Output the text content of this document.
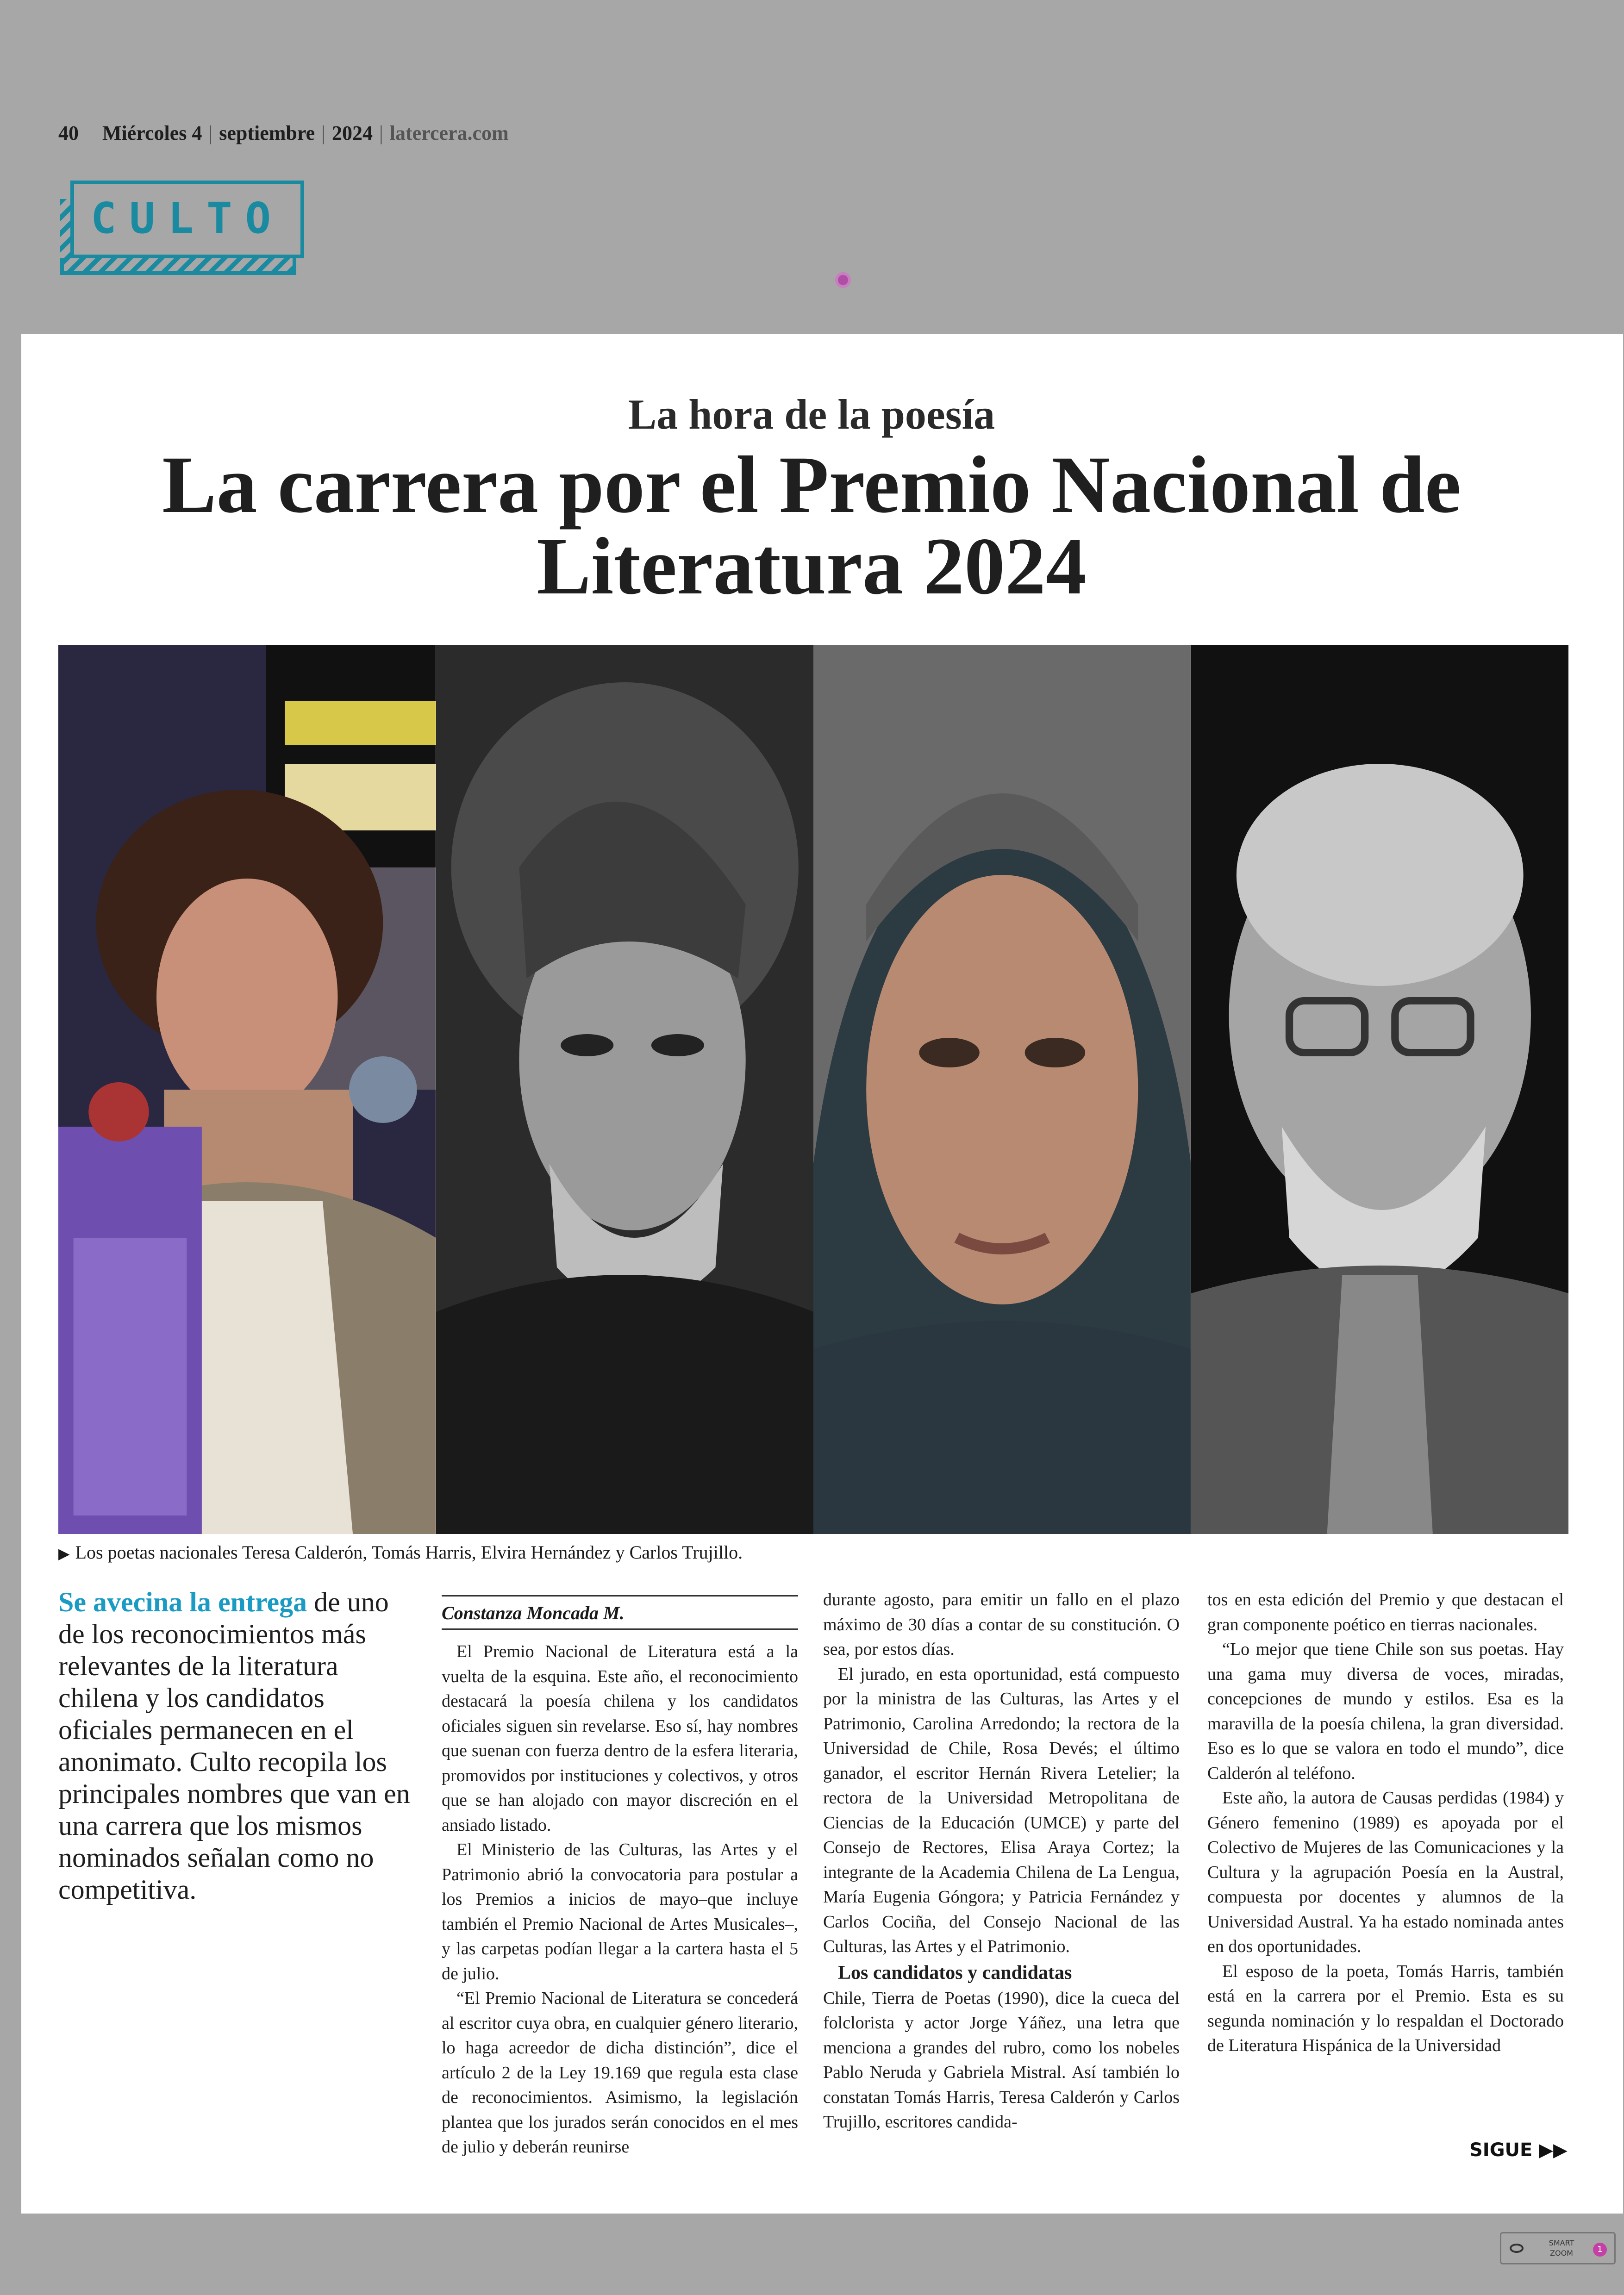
40 Miércoles 4 | septiembre | 2024 | latercera.com
CULTO
La hora de la poesía
La carrera por el Premio Nacional de Literatura 2024
▶ Los poetas nacionales Teresa Calderón, Tomás Harris, Elvira Hernández y Carlos Trujillo.
Se avecina la entrega de uno de los reconocimientos más relevantes de la literatura chilena y los candidatos oficiales permanecen en el anonimato. Culto recopila los principales nombres que van en una carrera que los mismos nominados señalan como no competitiva.
Constanza Moncada M.

El Premio Nacional de Literatura está a la vuelta de la esquina. Este año, el reconocimiento destacará la poesía chilena y los candidatos oficiales siguen sin revelarse. Eso sí, hay nombres que suenan con fuerza dentro de la esfera literaria, promovidos por instituciones y colectivos, y otros que se han alojado con mayor discreción en el ansiado listado.

El Ministerio de las Culturas, las Artes y el Patrimonio abrió la convocatoria para postular a los Premios a inicios de mayo–que incluye también el Premio Nacional de Artes Musicales–, y las carpetas podían llegar a la cartera hasta el 5 de julio.

“El Premio Nacional de Literatura se concederá al escritor cuya obra, en cualquier género literario, lo haga acreedor de dicha distinción”, dice el artículo 2 de la Ley 19.169 que regula esta clase de reconocimientos. Asimismo, la legislación plantea que los jurados serán conocidos en el mes de julio y deberán reunirse

durante agosto, para emitir un fallo en el plazo máximo de 30 días a contar de su constitución. O sea, por estos días.

El jurado, en esta oportunidad, está compuesto por la ministra de las Culturas, las Artes y el Patrimonio, Carolina Arredondo; la rectora de la Universidad de Chile, Rosa Devés; el último ganador, el escritor Hernán Rivera Letelier; la rectora de la Universidad Metropolitana de Ciencias de la Educación (UMCE) y parte del Consejo de Rectores, Elisa Araya Cortez; la integrante de la Academia Chilena de La Lengua, María Eugenia Góngora; y Patricia Fernández y Carlos Cociña, del Consejo Nacional de las Culturas, las Artes y el Patrimonio.

Los candidatos y candidatas

Chile, Tierra de Poetas (1990), dice la cueca del folclorista y actor Jorge Yáñez, una letra que menciona a grandes del rubro, como los nobeles Pablo Neruda y Gabriela Mistral. Así también lo constatan Tomás Harris, Teresa Calderón y Carlos Trujillo, escritores candida-

tos en esta edición del Premio y que destacan el gran componente poético en tierras nacionales.

“Lo mejor que tiene Chile son sus poetas. Hay una gama muy diversa de voces, miradas, concepciones de mundo y estilos. Esa es la maravilla de la poesía chilena, la gran diversidad. Eso es lo que se valora en todo el mundo”, dice Calderón al teléfono.

Este año, la autora de Causas perdidas (1984) y Género femenino (1989) es apoyada por el Colectivo de Mujeres de las Comunicaciones y la Cultura y la agrupación Poesía en la Austral, compuesta por docentes y alumnos de la Universidad Austral. Ya ha estado nominada antes en dos oportunidades.

El esposo de la poeta, Tomás Harris, también está en la carrera por el Premio. Esta es su segunda nominación y lo respaldan el Doctorado de Literatura Hispánica de la Universidad

SIGUE ▶▶
SMART
ZOOM	1
